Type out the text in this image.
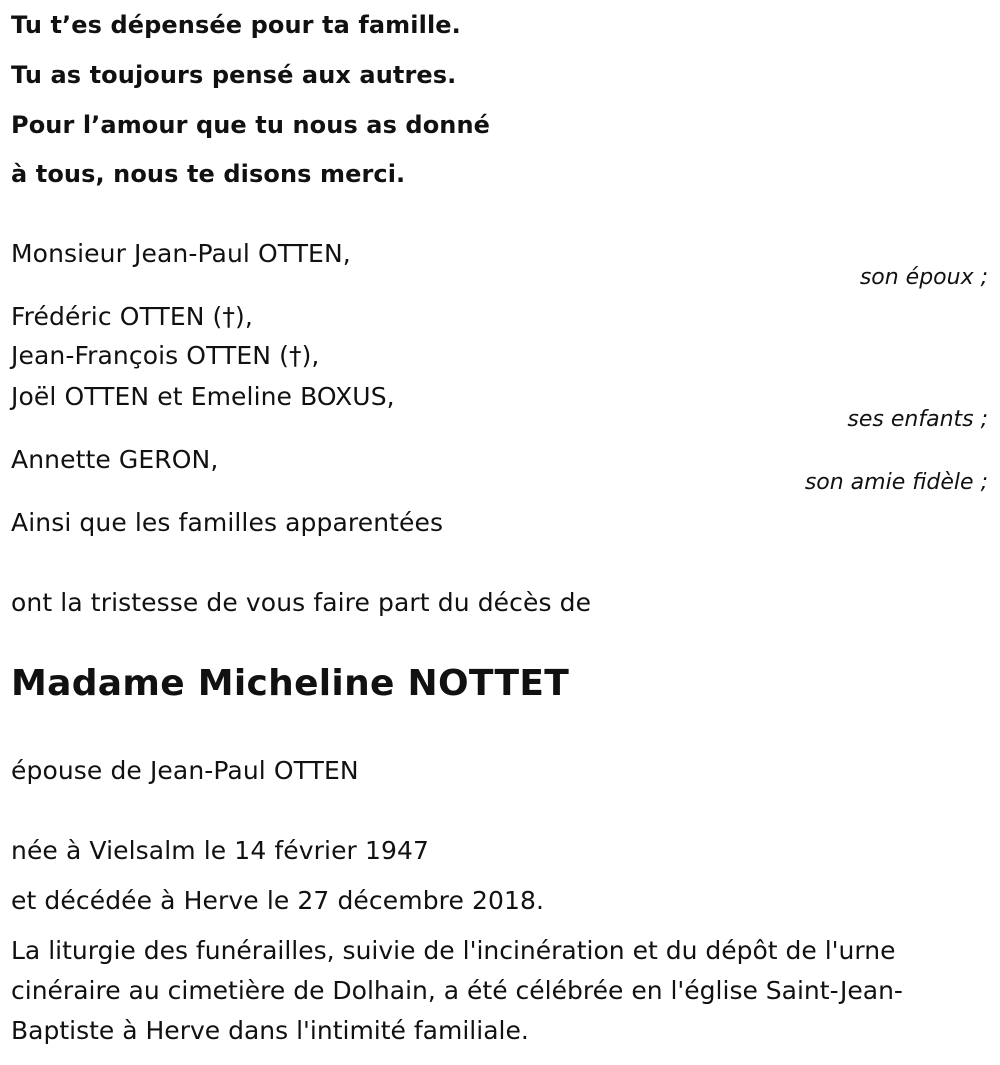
Tu t’es dépensée pour ta famille.
Tu as toujours pensé aux autres.
Pour l’amour que tu nous as donné
à tous, nous te disons merci.
Monsieur Jean-Paul OTTEN,
son époux ;
Frédéric OTTEN (†),
Jean-François OTTEN (†),
Joël OTTEN et Emeline BOXUS,
ses enfants ;
Annette GERON,
son amie fidèle ;
Ainsi que les familles apparentées
ont la tristesse de vous faire part du décès de
Madame Micheline NOTTET
épouse de Jean-Paul OTTEN
née à Vielsalm le 14 février 1947
et décédée à Herve le 27 décembre 2018.
La liturgie des funérailles, suivie de l'incinération et du dépôt de l'urne cinéraire au cimetière de Dolhain, a été célébrée en l'église Saint-Jean-Baptiste à Herve dans l'intimité familiale.
